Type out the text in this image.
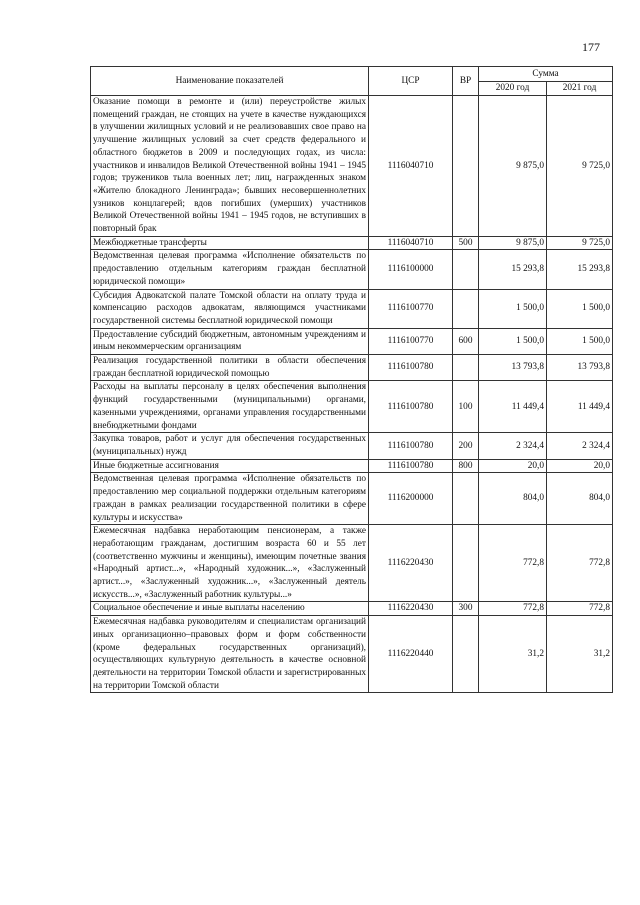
177
Наименование показателей	ЦСР	ВР	Сумма	
			2020 год	2021 год
Оказание помощи в ремонте и (или) переустройстве жилых помещений граждан, не стоящих на учете в качестве нуждающихся в улучшении жилищных условий и не реализовавших свое право на улучшение жилищных условий за счет средств федерального и областного бюджетов в 2009 и последующих годах, из числа: участников и инвалидов Великой Отечественной войны 1941 – 1945 годов; тружеников тыла военных лет; лиц, награжденных знаком «Жителю блокадного Ленинграда»; бывших несовершеннолетних узников концлагерей; вдов погибших (умерших) участников Великой Отечественной войны 1941 – 1945 годов, не вступивших в повторный брак	1116040710		9 875,0	9 725,0
Межбюджетные трансферты	1116040710	500	9 875,0	9 725,0
Ведомственная целевая программа «Исполнение обязательств по предоставлению отдельным категориям граждан бесплатной юридической помощи»	1116100000		15 293,8	15 293,8
Субсидия Адвокатской палате Томской области на оплату труда и компенсацию расходов адвокатам, являющимся участниками государственной системы бесплатной юридической помощи	1116100770		1 500,0	1 500,0
Предоставление субсидий бюджетным, автономным учреждениям и иным некоммерческим организациям	1116100770	600	1 500,0	1 500,0
Реализация государственной политики в области обеспечения граждан бесплатной юридической помощью	1116100780		13 793,8	13 793,8
Расходы на выплаты персоналу в целях обеспечения выполнения функций государственными (муниципальными) органами, казенными учреждениями, органами управления государственными внебюджетными фондами	1116100780	100	11 449,4	11 449,4
Закупка товаров, работ и услуг для обеспечения государственных (муниципальных) нужд	1116100780	200	2 324,4	2 324,4
Иные бюджетные ассигнования	1116100780	800	20,0	20,0
Ведомственная целевая программа «Исполнение обязательств по предоставлению мер социальной поддержки отдельным категориям граждан в рамках реализации государственной политики в сфере культуры и искусства»	1116200000		804,0	804,0
Ежемесячная надбавка неработающим пенсионерам, а также неработающим гражданам, достигшим возраста 60 и 55 лет (соответственно мужчины и женщины), имеющим почетные звания «Народный артист...», «Народный художник...», «Заслуженный артист...», «Заслуженный художник...», «Заслуженный деятель искусств...», «Заслуженный работник культуры...»	1116220430		772,8	772,8
Социальное обеспечение и иные выплаты населению	1116220430	300	772,8	772,8
Ежемесячная надбавка руководителям и специалистам организаций иных организационно–правовых форм и форм собственности (кроме федеральных государственных организаций), осуществляющих культурную деятельность в качестве основной деятельности на территории Томской области и зарегистрированных на территории Томской области	1116220440		31,2	31,2
